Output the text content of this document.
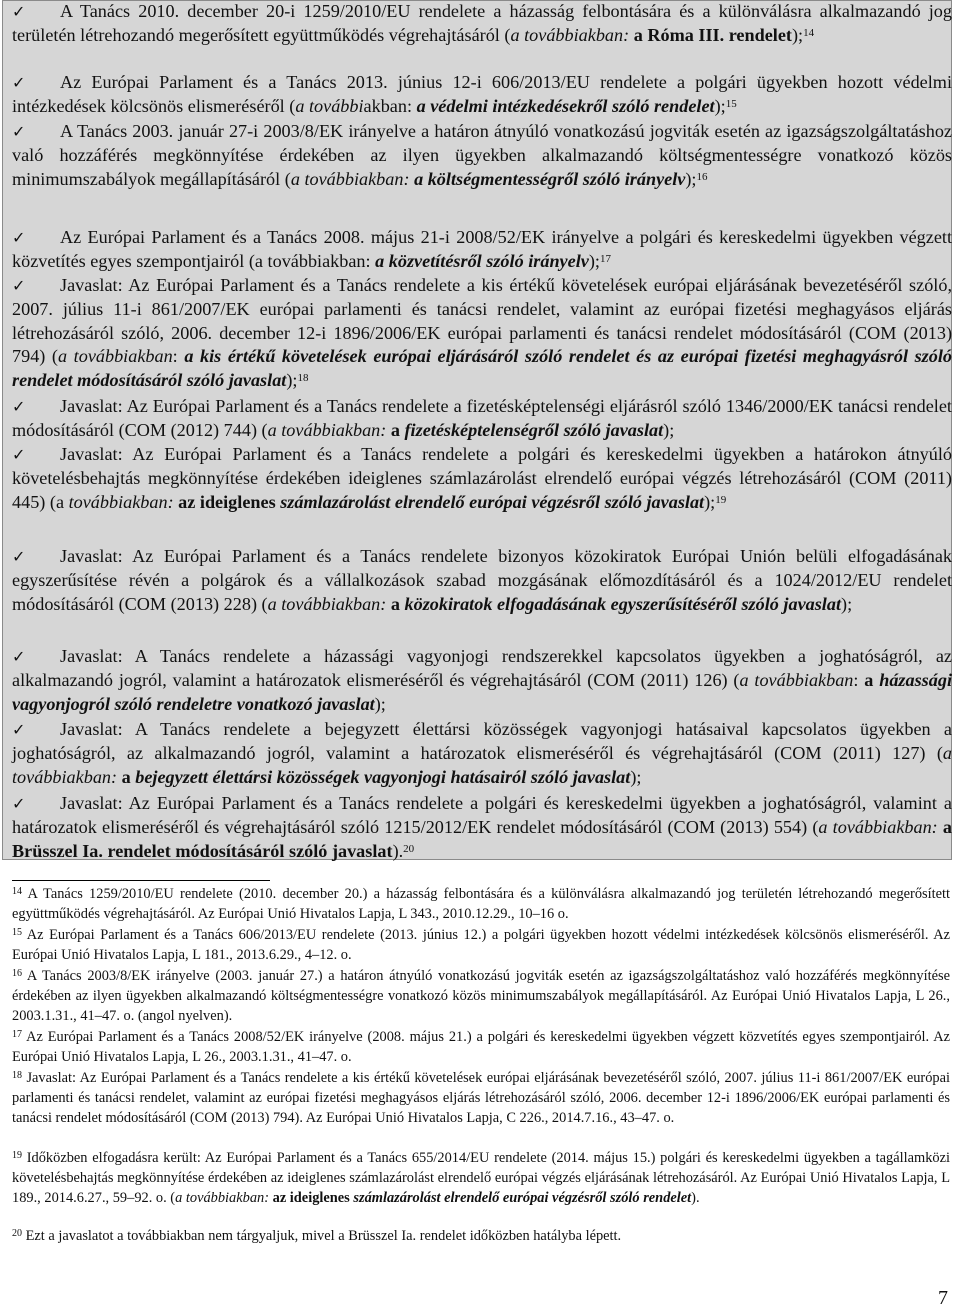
✓ A Tanács 2010. december 20-i 1259/2010/EU rendelete a házasság felbontására és a különválásra alkalmazandó jog területén létrehozandó megerősített együttműködés végrehajtásáról (a továbbiakban: a Róma III. rendelet);$^{14}$
✓ Az Európai Parlament és a Tanács 2013. június 12-i 606/2013/EU rendelete a polgári ügyekben hozott védelmi intézkedések kölcsönös elismeréséről (a továbbiakban: a védelmi intézkedésekről szóló rendelet);$^{15}$
✓ A Tanács 2003. január 27-i 2003/8/EK irányelve a határon átnyúló vonatkozású jogviták esetén az igazságszolgáltatáshoz való hozzáférés megkönnyítése érdekében az ilyen ügyekben alkalmazandó költségmentességre vonatkozó közös minimumszabályok megállapításáról (a továbbiakban: a költségmentességről szóló irányelv);$^{16}$
✓ Az Európai Parlament és a Tanács 2008. május 21-i 2008/52/EK irányelve a polgári és kereskedelmi ügyekben végzett közvetítés egyes szempontjairól (a továbbiakban: a közvetítésről szóló irányelv);$^{17}$
✓ Javaslat: Az Európai Parlament és a Tanács rendelete a kis értékű követelések európai eljárásának bevezetéséről szóló, 2007. július 11-i 861/2007/EK európai parlamenti és tanácsi rendelet, valamint az európai fizetési meghagyásos eljárás létrehozásáról szóló, 2006. december 12-i 1896/2006/EK európai parlamenti és tanácsi rendelet módosításáról (COM (2013) 794) (a továbbiakban: a kis értékű követelések európai eljárásáról szóló rendelet és az európai fizetési meghagyásról szóló rendelet módosításáról szóló javaslat);$^{18}$
✓ Javaslat: Az Európai Parlament és a Tanács rendelete a fizetésképtelenségi eljárásról szóló 1346/2000/EK tanácsi rendelet módosításáról (COM (2012) 744) (a továbbiakban: a fizetésképtelenségről szóló javaslat);
✓ Javaslat: Az Európai Parlament és a Tanács rendelete a polgári és kereskedelmi ügyekben a határokon átnyúló követelésbehajtás megkönnyítése érdekében ideiglenes számlazárolást elrendelő európai végzés létrehozásáról (COM (2011) 445) (a továbbiakban: az ideiglenes számlazárolást elrendelő európai végzésről szóló javaslat);$^{19}$
✓ Javaslat: Az Európai Parlament és a Tanács rendelete bizonyos közokiratok Európai Unión belüli elfogadásának egyszerűsítése révén a polgárok és a vállalkozások szabad mozgásának előmozdításáról és a 1024/2012/EU rendelet módosításáról (COM (2013) 228) (a továbbiakban: a közokiratok elfogadásának egyszerűsítéséről szóló javaslat);
✓ Javaslat: A Tanács rendelete a házassági vagyonjogi rendszerekkel kapcsolatos ügyekben a joghatóságról, az alkalmazandó jogról, valamint a határozatok elismeréséről és végrehajtásáról (COM (2011) 126) (a továbbiakban: a házassági vagyonjogról szóló rendeletre vonatkozó javaslat);
✓ Javaslat: A Tanács rendelete a bejegyzett élettársi közösségek vagyonjogi hatásaival kapcsolatos ügyekben a joghatóságról, az alkalmazandó jogról, valamint a határozatok elismeréséről és végrehajtásáról (COM (2011) 127) (a továbbiakban: a bejegyzett élettársi közösségek vagyonjogi hatásairól szóló javaslat);
✓ Javaslat: Az Európai Parlament és a Tanács rendelete a polgári és kereskedelmi ügyekben a joghatóságról, valamint a határozatok elismeréséről és végrehajtásáról szóló 1215/2012/EK rendelet módosításáról (COM (2013) 554) (a továbbiakban: a Brüsszel Ia. rendelet módosításáról szóló javaslat).$^{20}$
$^{14}$ A Tanács 1259/2010/EU rendelete (2010. december 20.) a házasság felbontására és a különválásra alkalmazandó jog területén létrehozandó megerősített együttműködés végrehajtásáról. Az Európai Unió Hivatalos Lapja, L 343., 2010.12.29., 10–16 o.
$^{15}$ Az Európai Parlament és a Tanács 606/2013/EU rendelete (2013. június 12.) a polgári ügyekben hozott védelmi intézkedések kölcsönös elismeréséről. Az Európai Unió Hivatalos Lapja, L 181., 2013.6.29., 4–12. o.
$^{16}$ A Tanács 2003/8/EK irányelve (2003. január 27.) a határon átnyúló vonatkozású jogviták esetén az igazságszolgáltatáshoz való hozzáférés megkönnyítése érdekében az ilyen ügyekben alkalmazandó költségmentességre vonatkozó közös minimumszabályok megállapításáról. Az Európai Unió Hivatalos Lapja, L 26., 2003.1.31., 41–47. o. (angol nyelven).
$^{17}$ Az Európai Parlament és a Tanács 2008/52/EK irányelve (2008. május 21.) a polgári és kereskedelmi ügyekben végzett közvetítés egyes szempontjairól. Az Európai Unió Hivatalos Lapja, L 26., 2003.1.31., 41–47. o.
$^{18}$ Javaslat: Az Európai Parlament és a Tanács rendelete a kis értékű követelések európai eljárásának bevezetéséről szóló, 2007. július 11-i 861/2007/EK európai parlamenti és tanácsi rendelet, valamint az európai fizetési meghagyásos eljárás létrehozásáról szóló, 2006. december 12-i 1896/2006/EK európai parlamenti és tanácsi rendelet módosításáról (COM (2013) 794). Az Európai Unió Hivatalos Lapja, C 226., 2014.7.16., 43–47. o.
$^{19}$ Időközben elfogadásra került: Az Európai Parlament és a Tanács 655/2014/EU rendelete (2014. május 15.) polgári és kereskedelmi ügyekben a tagállamközi követelésbehajtás megkönnyítése érdekében az ideiglenes számlazárolást elrendelő európai végzés eljárásának létrehozásáról. Az Európai Unió Hivatalos Lapja, L 189., 2014.6.27., 59–92. o. (a továbbiakban: az ideiglenes számlazárolást elrendelő európai végzésről szóló rendelet).
$^{20}$ Ezt a javaslatot a továbbiakban nem tárgyaljuk, mivel a Brüsszel Ia. rendelet időközben hatályba lépett.
7
